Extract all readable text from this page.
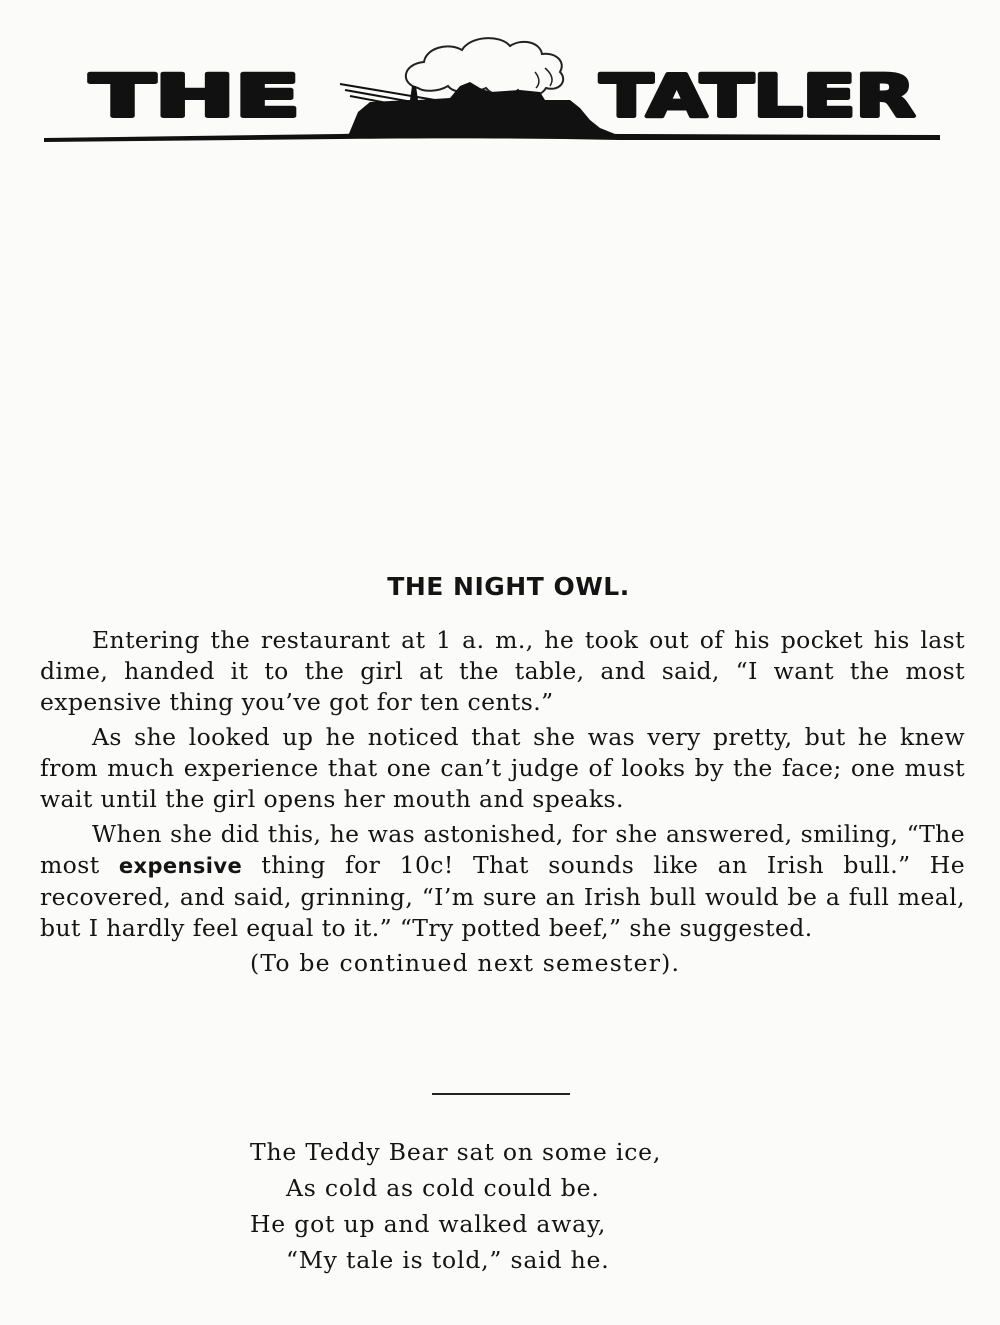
THE	TATLER
THE NIGHT OWL.

Entering the restaurant at 1 a. m., he took out of his pocket his last dime, handed it to the girl at the table, and said, “I want the most expensive thing you’ve got for ten cents.”

As she looked up he noticed that she was very pretty, but he knew from much experience that one can’t judge of looks by the face; one must wait until the girl opens her mouth and speaks.

When she did this, he was astonished, for she answered, smiling, “The most expensive thing for 10c! That sounds like an Irish bull.” He recovered, and said, grinning, “I’m sure an Irish bull would be a full meal, but I hardly feel equal to it.” “Try potted beef,” she suggested.

(To be continued next semester).
The Teddy Bear sat on some ice,
As cold as cold could be.
He got up and walked away,
“My tale is told,” said he.
